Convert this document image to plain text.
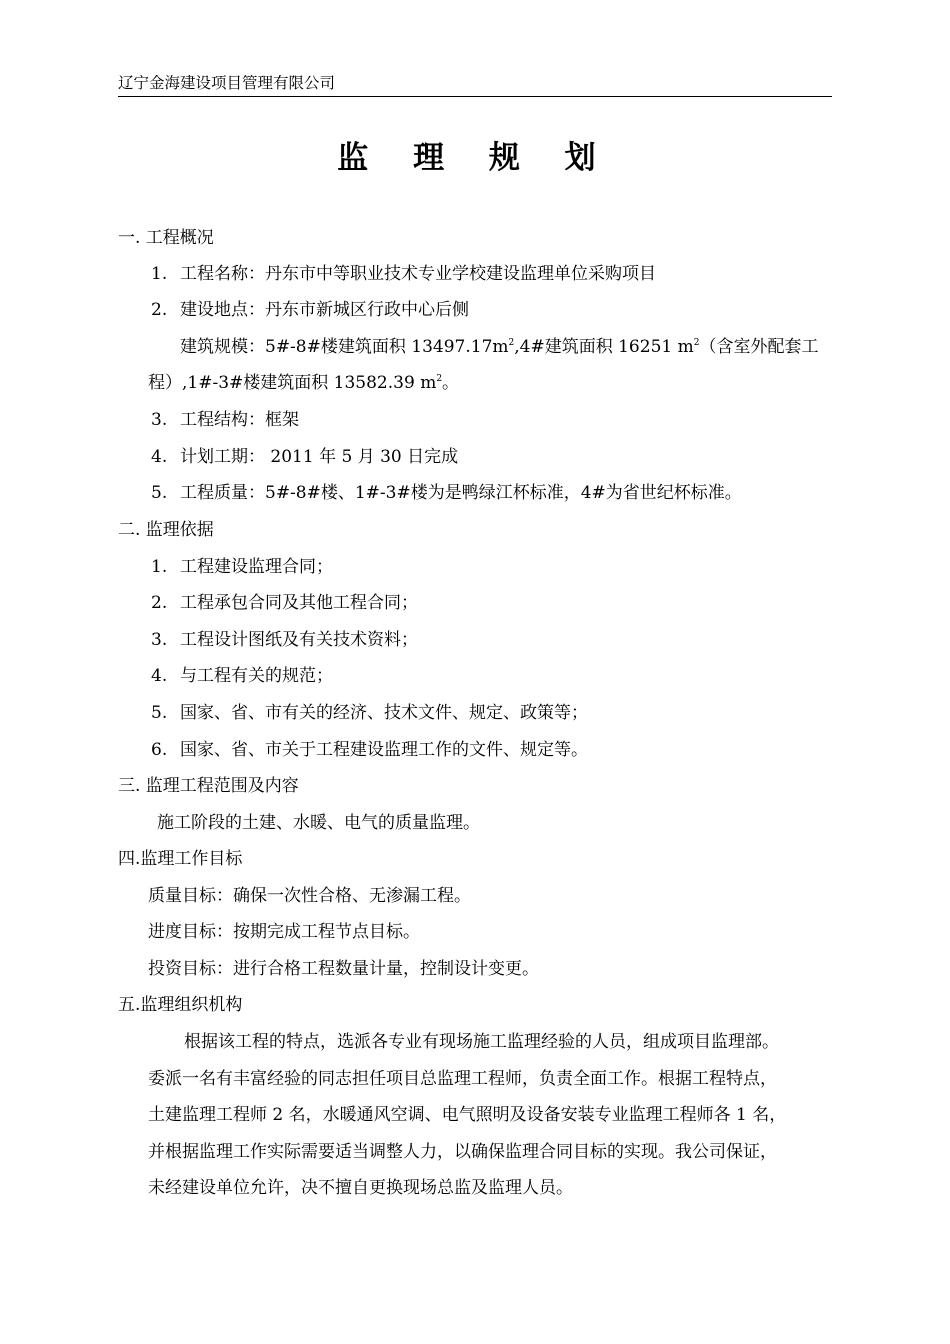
辽宁金海建设项目管理有限公司
监 理 规 划
一. 工程概况
1. 工程名称：丹东市中等职业技术专业学校建设监理单位采购项目
2. 建设地点：丹东市新城区行政中心后侧
建筑规模：5#-8#楼建筑面积 $13497.17m^2,4\#$建筑面积 16251 $m^2$（含室外配套工
程）,1#-3#楼建筑面积 13582.39 $m^2$。
3. 工程结构：框架
4. 计划工期： 2011 年 5 月 30 日完成
5. 工程质量：5#-8#楼、1#-3#楼为是鸭绿江杯标准，4#为省世纪杯标准。
二. 监理依据
1. 工程建设监理合同；
2. 工程承包合同及其他工程合同；
3. 工程设计图纸及有关技术资料；
4. 与工程有关的规范；
5. 国家、省、市有关的经济、技术文件、规定、政策等；
6. 国家、省、市关于工程建设监理工作的文件、规定等。
三. 监理工程范围及内容
施工阶段的土建、水暖、电气的质量监理。
四.监理工作目标
质量目标：确保一次性合格、无渗漏工程。
进度目标：按期完成工程节点目标。
投资目标：进行合格工程数量计量，控制设计变更。
五.监理组织机构
根据该工程的特点，选派各专业有现场施工监理经验的人员，组成项目监理部。
委派一名有丰富经验的同志担任项目总监理工程师，负责全面工作。根据工程特点，
土建监理工程师 2 名，水暖通风空调、电气照明及设备安装专业监理工程师各 1 名，
并根据监理工作实际需要适当调整人力，以确保监理合同目标的实现。我公司保证，
未经建设单位允许，决不擅自更换现场总监及监理人员。
